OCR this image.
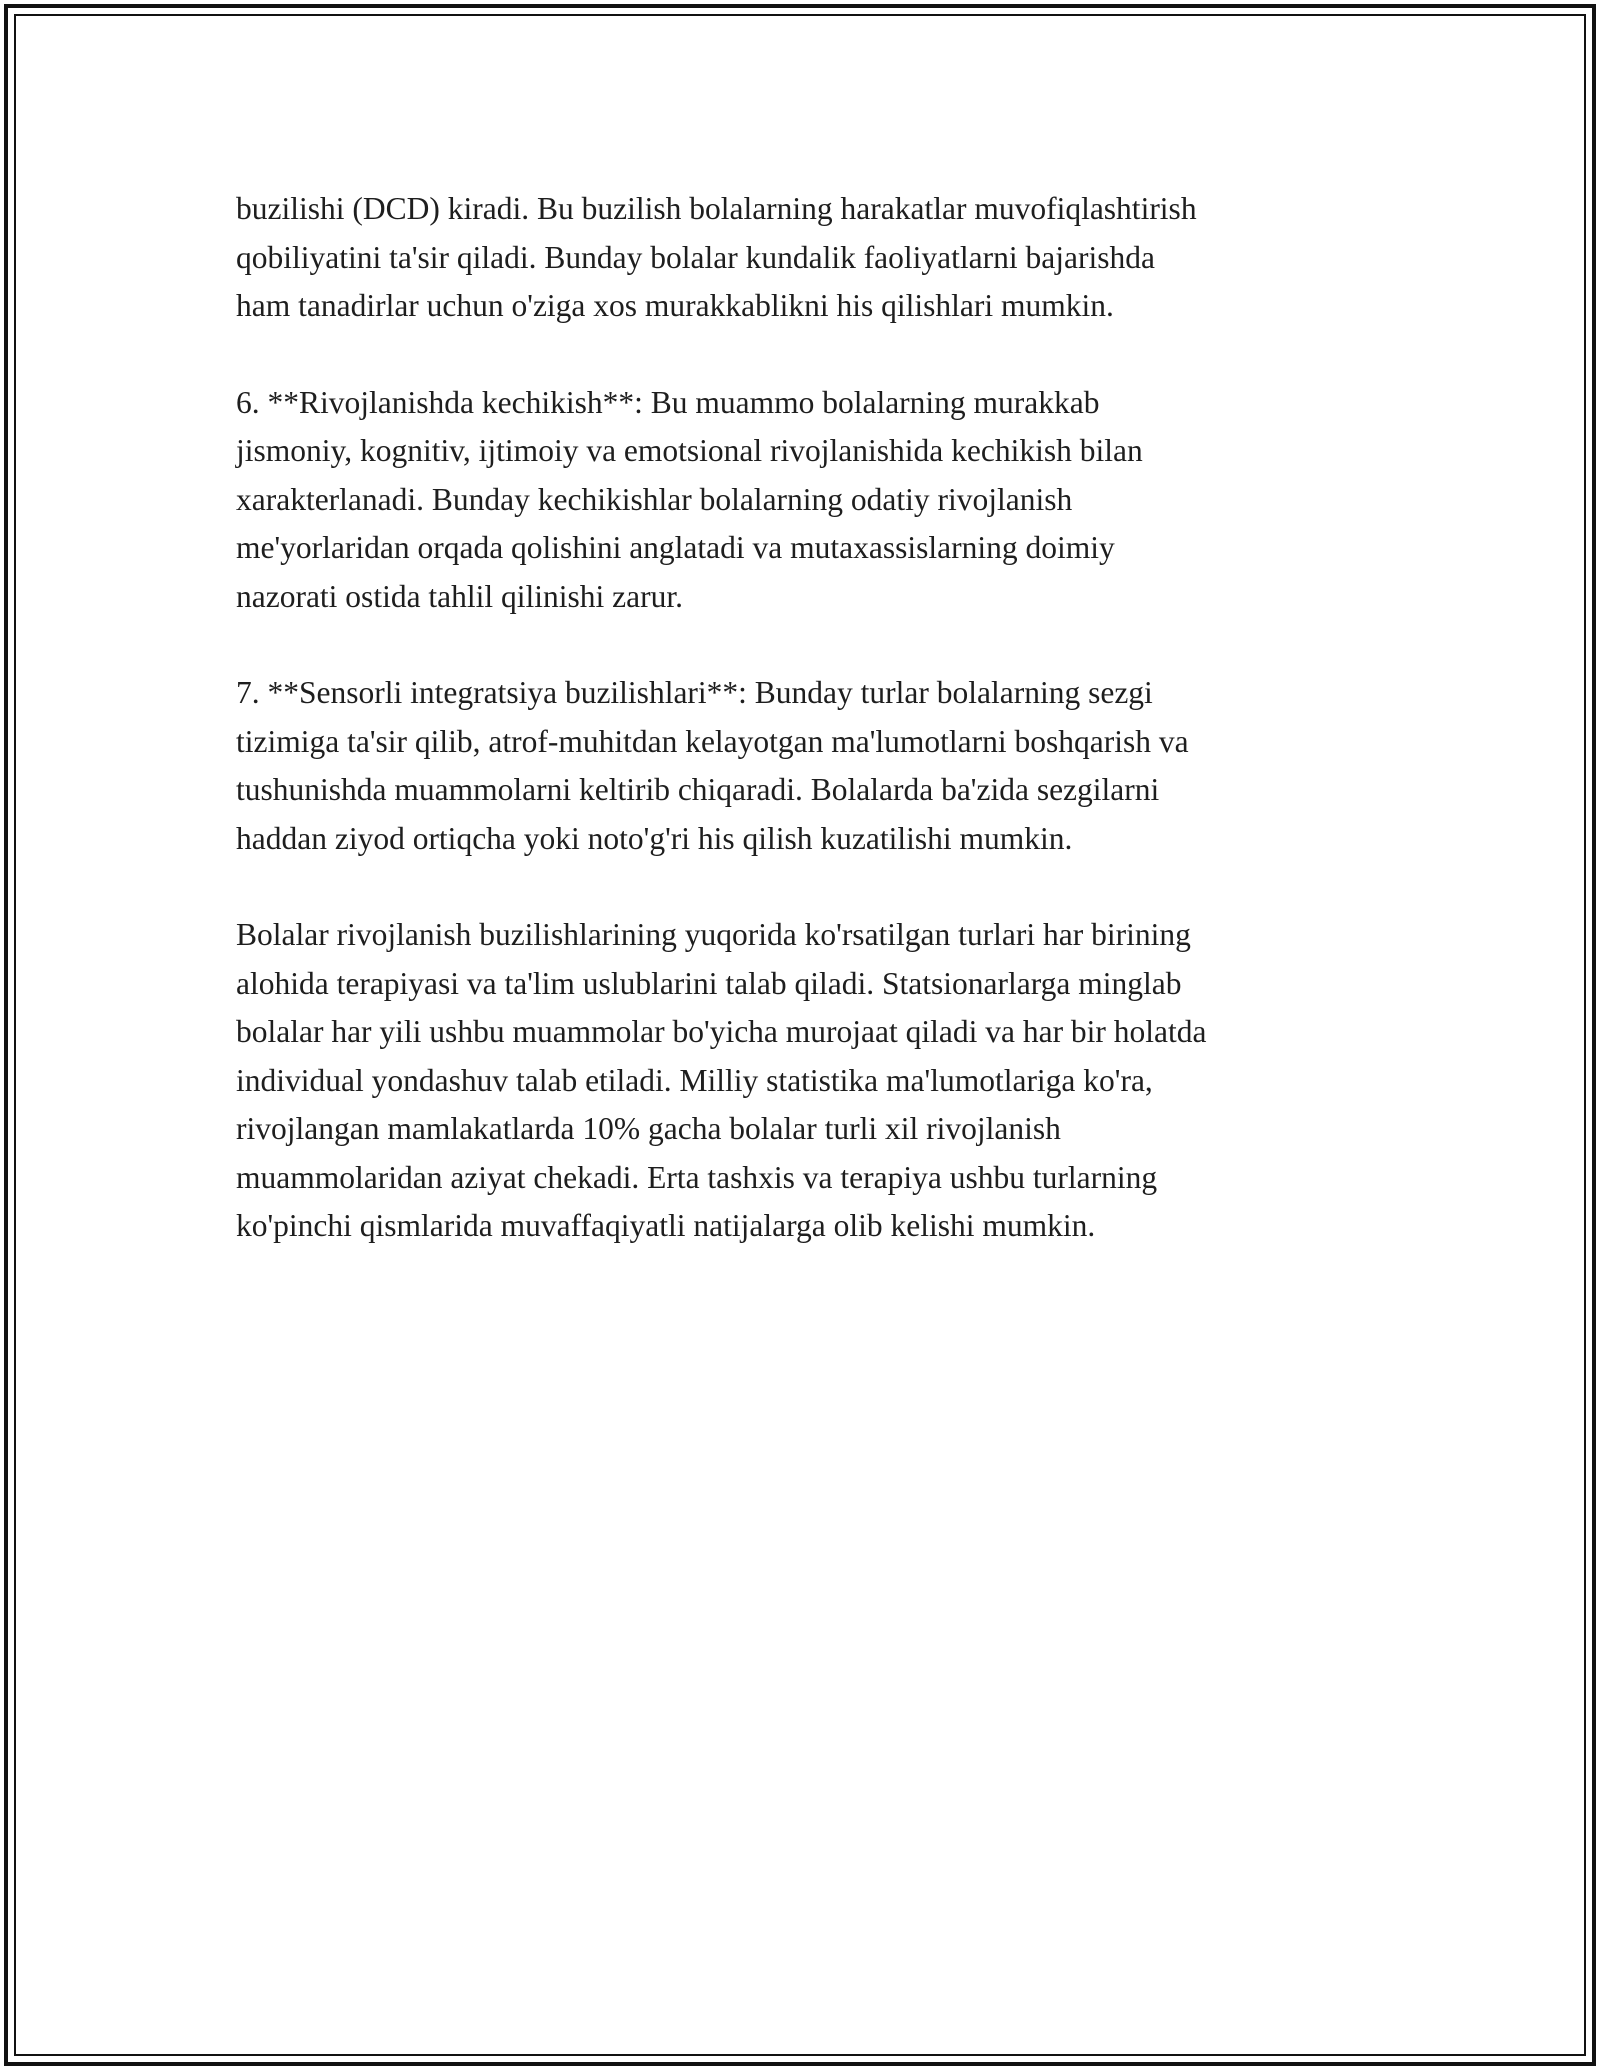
buzilishi (DCD) kiradi. Bu buzilish bolalarning harakatlar muvofiqlashtirish
qobiliyatini ta'sir qiladi. Bunday bolalar kundalik faoliyatlarni bajarishda
ham tanadirlar uchun o'ziga xos murakkablikni his qilishlari mumkin.
6. **Rivojlanishda kechikish**: Bu muammo bolalarning murakkab
jismoniy, kognitiv, ijtimoiy va emotsional rivojlanishida kechikish bilan
xarakterlanadi. Bunday kechikishlar bolalarning odatiy rivojlanish
me'yorlaridan orqada qolishini anglatadi va mutaxassislarning doimiy
nazorati ostida tahlil qilinishi zarur.
7. **Sensorli integratsiya buzilishlari**: Bunday turlar bolalarning sezgi
tizimiga ta'sir qilib, atrof-muhitdan kelayotgan ma'lumotlarni boshqarish va
tushunishda muammolarni keltirib chiqaradi. Bolalarda ba'zida sezgilarni
haddan ziyod ortiqcha yoki noto'g'ri his qilish kuzatilishi mumkin.
Bolalar rivojlanish buzilishlarining yuqorida ko'rsatilgan turlari har birining
alohida terapiyasi va ta'lim uslublarini talab qiladi. Statsionarlarga minglab
bolalar har yili ushbu muammolar bo'yicha murojaat qiladi va har bir holatda
individual yondashuv talab etiladi. Milliy statistika ma'lumotlariga ko'ra,
rivojlangan mamlakatlarda 10% gacha bolalar turli xil rivojlanish
muammolaridan aziyat chekadi. Erta tashxis va terapiya ushbu turlarning
ko'pinchi qismlarida muvaffaqiyatli natijalarga olib kelishi mumkin.
